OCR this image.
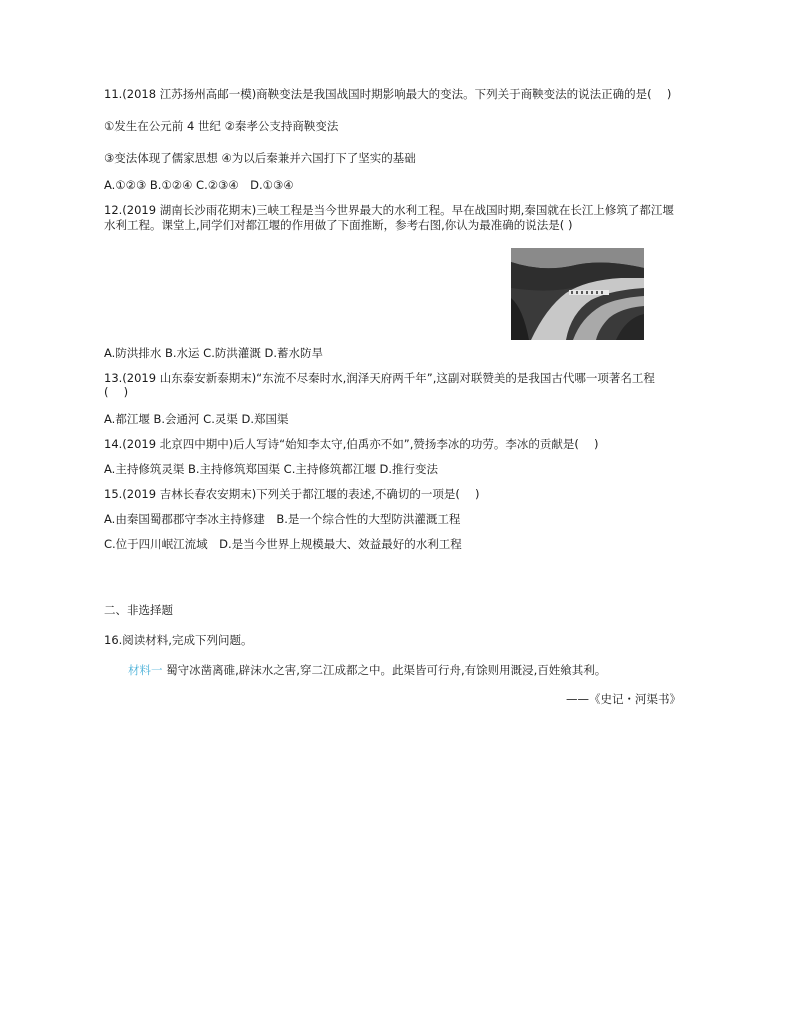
11.(2018 江苏扬州高邮一模)商鞅变法是我国战国时期影响最大的变法。下列关于商鞅变法的说法正确的是(　 )
①发生在公元前 4 世纪 ②秦孝公支持商鞅变法
③变法体现了儒家思想 ④为以后秦兼并六国打下了坚实的基础
A.①②③ B.①②④ C.②③④　D.①③④
12.(2019 湖南长沙雨花期末)三峡工程是当今世界最大的水利工程。早在战国时期,秦国就在长江上修筑了都江堰
水利工程。课堂上,同学们对都江堰的作用做了下面推断，参考右图,你认为最准确的说法是( )
A.防洪排水 B.水运 C.防洪灌溉 D.蓄水防旱
13.(2019 山东泰安新泰期末)“东流不尽秦时水,润泽天府两千年”,这副对联赞美的是我国古代哪一项著名工程
(　 )
A.都江堰 B.会通河 C.灵渠 D.郑国渠
14.(2019 北京四中期中)后人写诗“始知李太守,伯禹亦不如”,赞扬李冰的功劳。李冰的贡献是(　 )
A.主持修筑灵渠 B.主持修筑郑国渠 C.主持修筑都江堰 D.推行变法
15.(2019 吉林长春农安期末)下列关于都江堰的表述,不确切的一项是(　 )
A.由秦国蜀郡郡守李冰主持修建　B.是一个综合性的大型防洪灌溉工程
C.位于四川岷江流域　D.是当今世界上规模最大、效益最好的水利工程
二、非选择题
16.阅读材料,完成下列问题。
材料一 蜀守冰凿离碓,辟沫水之害,穿二江成都之中。此渠皆可行舟,有馀则用溉浸,百姓飨其利。
——《史记・河渠书》
